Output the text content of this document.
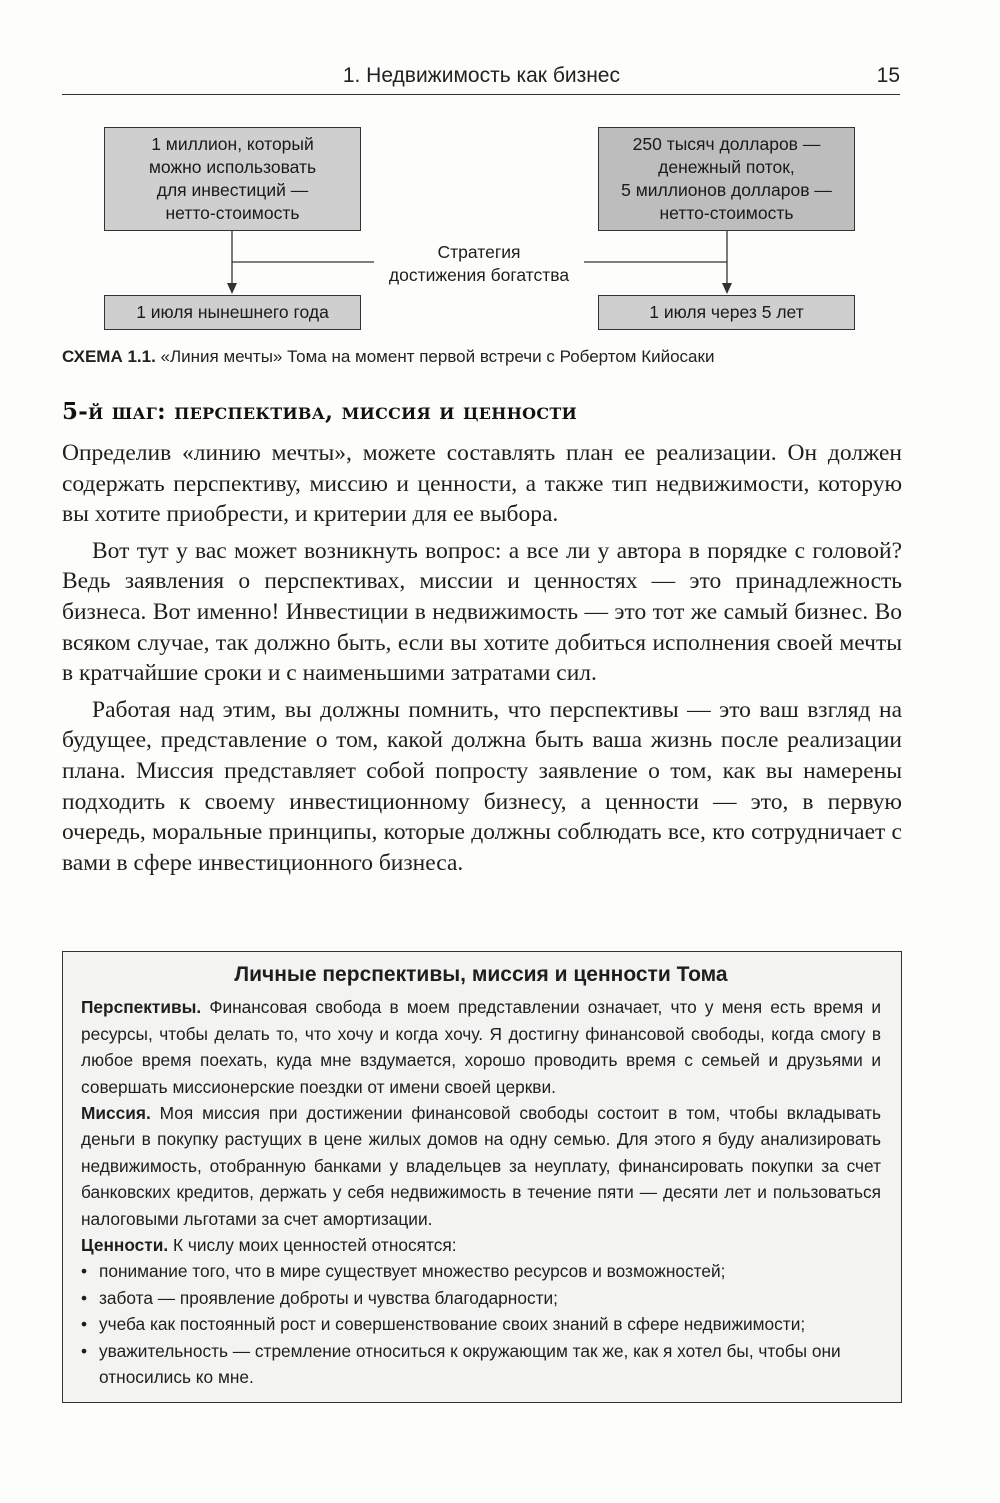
1. Недвижимость как бизнес	15
1 миллион, который
можно использовать
для инвестиций —
нетто-стоимость
250 тысяч долларов —
денежный поток,
5 миллионов долларов —
нетто-стоимость
1 июля нынешнего года	1 июля через 5 лет
Стратегия
достижения богатства
СХЕМА 1.1. «Линия мечты» Тома на момент первой встречи с Робертом Кийосаки
5-й шаг: перспектива, миссия и ценности

Определив «линию мечты», можете составлять план ее реализации. Он должен содержать перспективу, миссию и ценности, а также тип недвижимости, которую вы хотите приобрести, и критерии для ее выбора.

Вот тут у вас может возникнуть вопрос: а все ли у автора в порядке с головой? Ведь заявления о перспективах, миссии и ценностях — это принадлежность бизнеса. Вот именно! Инвестиции в недвижимость — это тот же самый бизнес. Во всяком случае, так должно быть, если вы хотите добиться исполнения своей мечты в кратчайшие сроки и с наименьшими затратами сил.

Работая над этим, вы должны помнить, что перспективы — это ваш взгляд на будущее, представление о том, какой должна быть ваша жизнь после реализации плана. Миссия представляет собой попросту заявление о том, как вы намерены подходить к своему инвестиционному бизнесу, а ценности — это, в первую очередь, моральные принципы, которые должны соблюдать все, кто сотрудничает с вами в сфере инвестиционного бизнеса.

Личные перспективы, миссия и ценности Тома

Перспективы. Финансовая свобода в моем представлении означает, что у меня есть время и ресурсы, чтобы делать то, что хочу и когда хочу. Я достигну финансовой свободы, когда смогу в любое время поехать, куда мне вздумается, хорошо проводить время с семьей и друзьями и совершать миссионерские поездки от имени своей церкви.

Миссия. Моя миссия при достижении финансовой свободы состоит в том, чтобы вкладывать деньги в покупку растущих в цене жилых домов на одну семью. Для этого я буду анализировать недвижимость, отобранную банками у владельцев за неуплату, финансировать покупки за счет банковских кредитов, держать у себя недвижимость в течение пяти — десяти лет и пользоваться налоговыми льготами за счет амортизации.

Ценности. К числу моих ценностей относятся:

• понимание того, что в мире существует множество ресурсов и возможностей;
• забота — проявление доброты и чувства благодарности;
• учеба как постоянный рост и совершенствование своих знаний в сфере недвижимости;
• уважительность — стремление относиться к окружающим так же, как я хотел бы, чтобы они относились ко мне.
